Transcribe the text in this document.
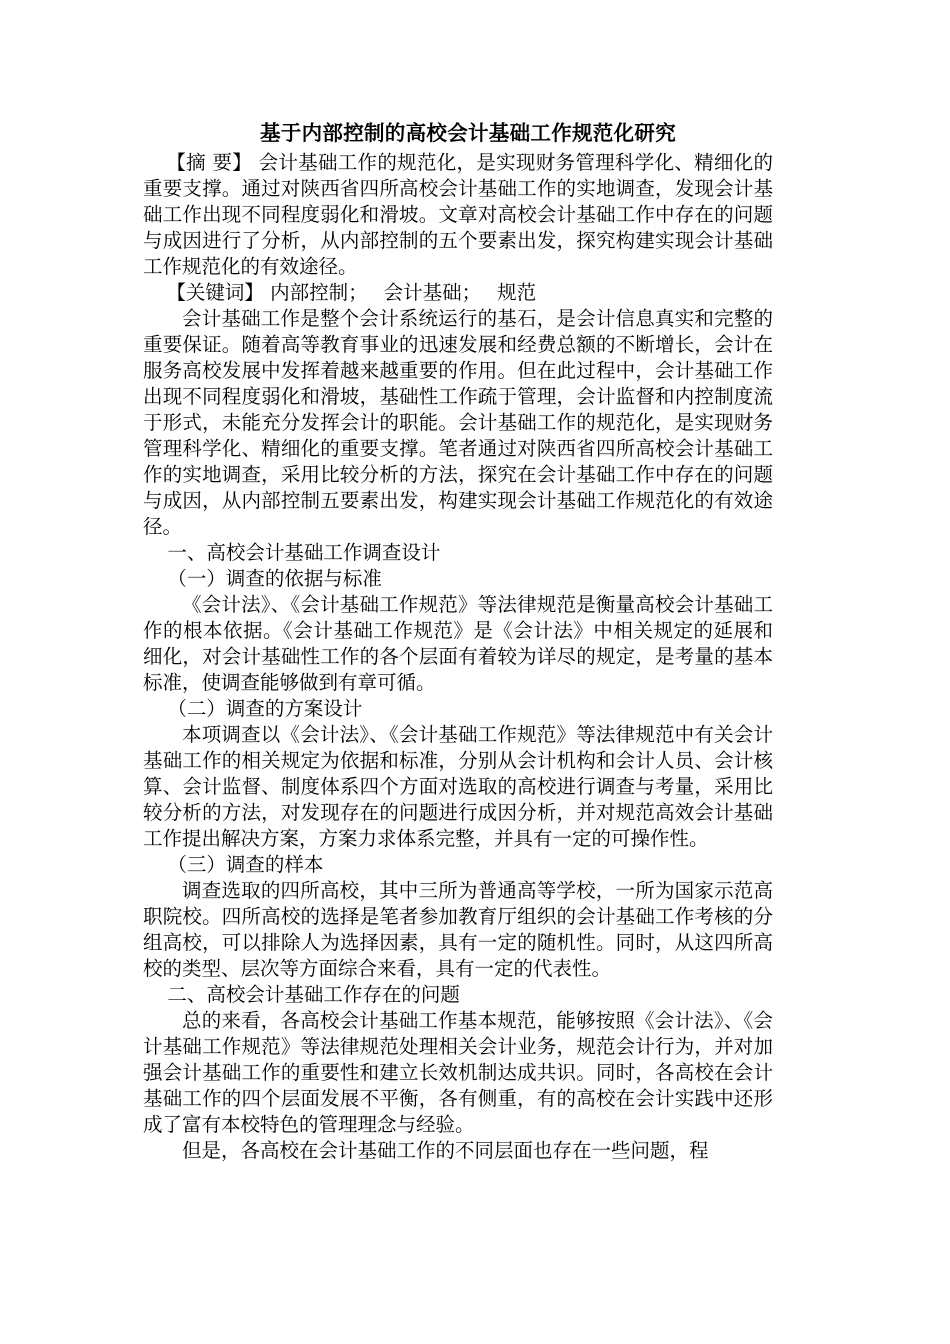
基于内部控制的高校会计基础工作规范化研究

【摘 要】 会计基础工作的规范化，是实现财务管理科学化、精细化的重要支撑。通过对陕西省四所高校会计基础工作的实地调查，发现会计基础工作出现不同程度弱化和滑坡。文章对高校会计基础工作中存在的问题与成因进行了分析，从内部控制的五个要素出发，探究构建实现会计基础工作规范化的有效途径。

【关键词】 内部控制； 会计基础； 规范

会计基础工作是整个会计系统运行的基石，是会计信息真实和完整的重要保证。随着高等教育事业的迅速发展和经费总额的不断增长，会计在服务高校发展中发挥着越来越重要的作用。但在此过程中，会计基础工作出现不同程度弱化和滑坡，基础性工作疏于管理，会计监督和内控制度流于形式，未能充分发挥会计的职能。会计基础工作的规范化，是实现财务管理科学化、精细化的重要支撑。笔者通过对陕西省四所高校会计基础工作的实地调查，采用比较分析的方法，探究在会计基础工作中存在的问题与成因，从内部控制五要素出发，构建实现会计基础工作规范化的有效途径。

一、高校会计基础工作调查设计

（一）调查的依据与标准

《会计法》、《会计基础工作规范》等法律规范是衡量高校会计基础工作的根本依据。《会计基础工作规范》是《会计法》中相关规定的延展和细化，对会计基础性工作的各个层面有着较为详尽的规定，是考量的基本标准，使调查能够做到有章可循。

（二）调查的方案设计

本项调查以《会计法》、《会计基础工作规范》等法律规范中有关会计基础工作的相关规定为依据和标准，分别从会计机构和会计人员、会计核算、会计监督、制度体系四个方面对选取的高校进行调查与考量，采用比较分析的方法，对发现存在的问题进行成因分析，并对规范高效会计基础工作提出解决方案，方案力求体系完整，并具有一定的可操作性。

（三）调查的样本

调查选取的四所高校，其中三所为普通高等学校，一所为国家示范高职院校。四所高校的选择是笔者参加教育厅组织的会计基础工作考核的分组高校，可以排除人为选择因素，具有一定的随机性。同时，从这四所高校的类型、层次等方面综合来看，具有一定的代表性。

二、高校会计基础工作存在的问题

总的来看，各高校会计基础工作基本规范，能够按照《会计法》、《会计基础工作规范》等法律规范处理相关会计业务，规范会计行为，并对加强会计基础工作的重要性和建立长效机制达成共识。同时，各高校在会计基础工作的四个层面发展不平衡，各有侧重，有的高校在会计实践中还形成了富有本校特色的管理理念与经验。

但是，各高校在会计基础工作的不同层面也存在一些问题，程
